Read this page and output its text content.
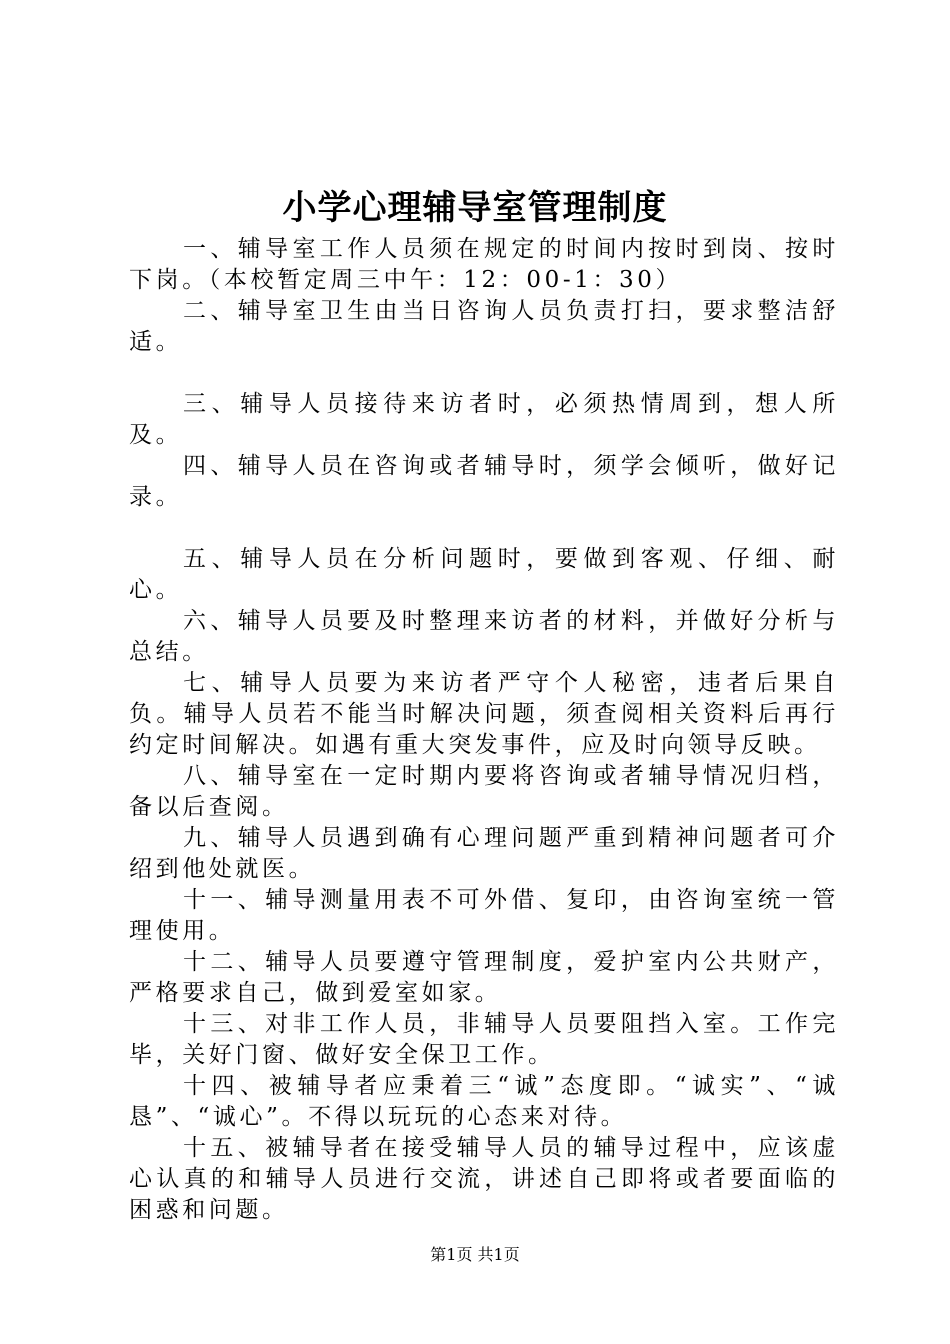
小学心理辅导室管理制度

一、辅导室工作人员须在规定的时间内按时到岗、按时下岗。（本校暂定周三中午：12：00-1：30）

二、辅导室卫生由当日咨询人员负责打扫，要求整洁舒适。

三、辅导人员接待来访者时，必须热情周到，想人所及。

四、辅导人员在咨询或者辅导时，须学会倾听，做好记录。

五、辅导人员在分析问题时，要做到客观、仔细、耐心。

六、辅导人员要及时整理来访者的材料，并做好分析与总结。

七、辅导人员要为来访者严守个人秘密，违者后果自负。辅导人员若不能当时解决问题，须查阅相关资料后再行约定时间解决。如遇有重大突发事件，应及时向领导反映。

八、辅导室在一定时期内要将咨询或者辅导情况归档，备以后查阅。

九、辅导人员遇到确有心理问题严重到精神问题者可介绍到他处就医。

十一、辅导测量用表不可外借、复印，由咨询室统一管理使用。

十二、辅导人员要遵守管理制度，爱护室内公共财产，严格要求自己，做到爱室如家。

十三、对非工作人员，非辅导人员要阻挡入室。工作完毕，关好门窗、做好安全保卫工作。

十四、被辅导者应秉着三“诚”态度即。“诚实”、“诚恳”、“诚心”。不得以玩玩的心态来对待。

十五、被辅导者在接受辅导人员的辅导过程中，应该虚心认真的和辅导人员进行交流，讲述自己即将或者要面临的困惑和问题。

第1页 共1页
